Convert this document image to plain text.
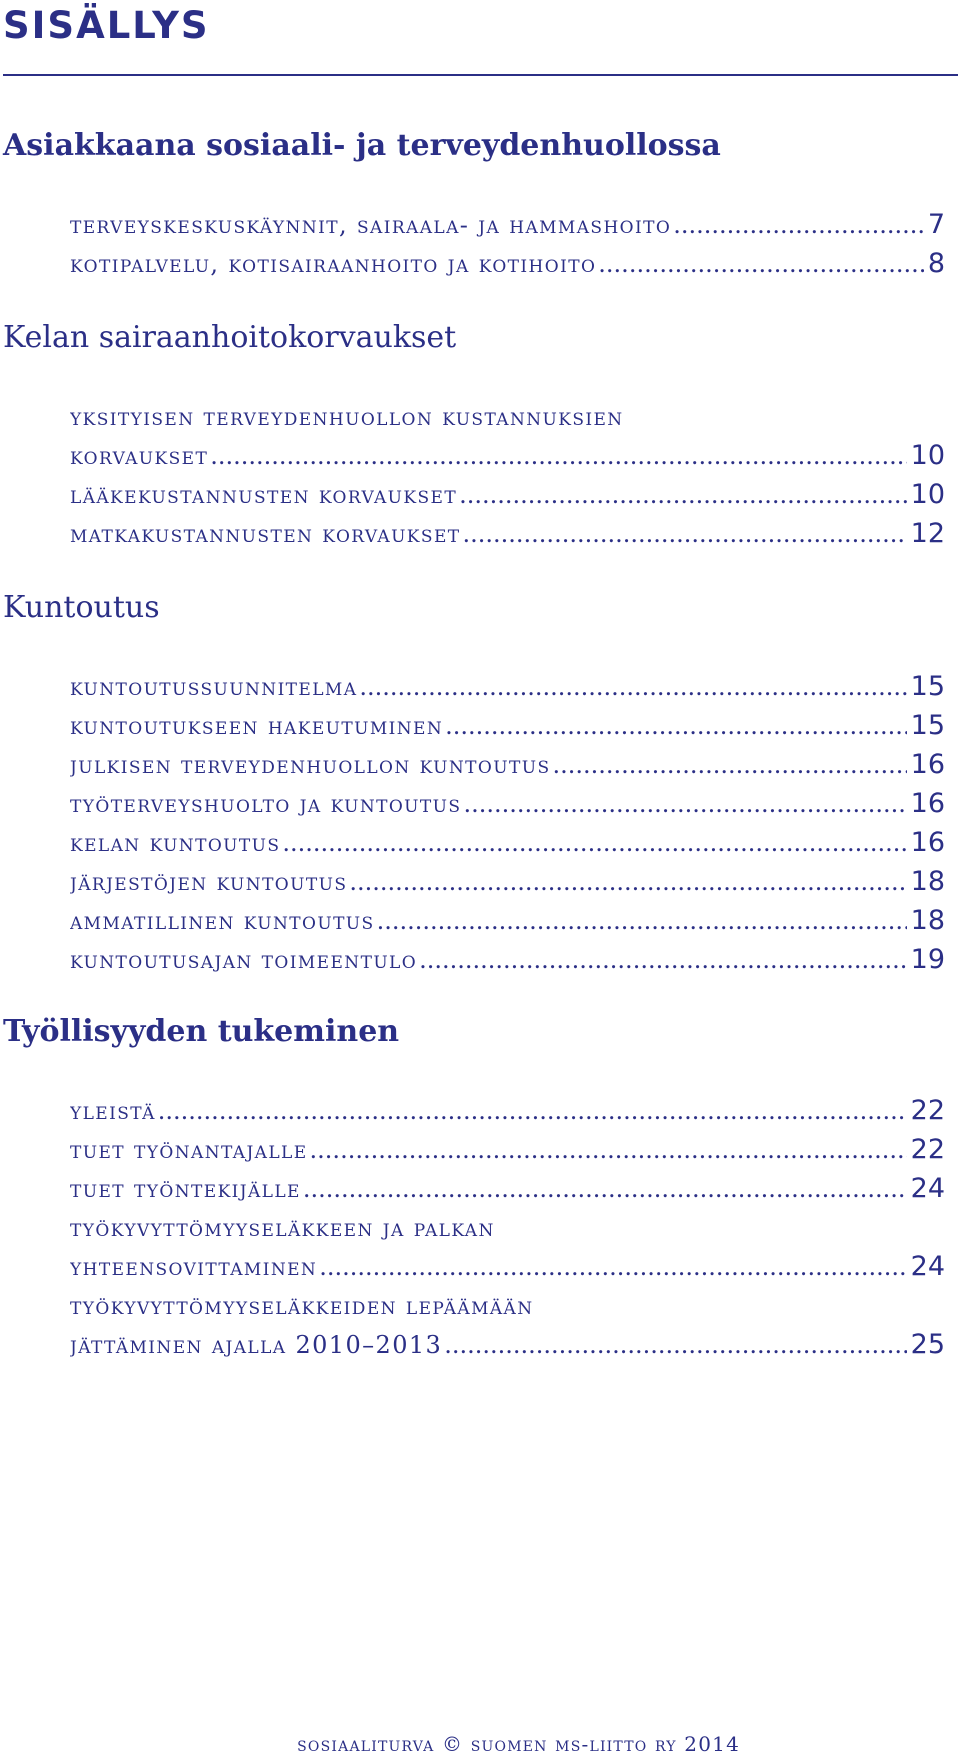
SISÄLLYS
Asiakkaana sosiaali- ja terveydenhuollossa
terveyskeskuskäynnit, sairaala- ja hammashoito .....	7
kotipalvelu, kotisairaanhoito ja kotihoito .....	8
Kelan sairaanhoitokorvaukset
yksityisen terveydenhuollon kustannuksien
korvaukset .....	10
lääkekustannusten korvaukset .....	10
matkakustannusten korvaukset .....	12
Kuntoutus
kuntoutussuunnitelma .....	15
kuntoutukseen hakeutuminen .....	15
julkisen terveydenhuollon kuntoutus .....	16
työterveyshuolto ja kuntoutus .....	16
kelan kuntoutus .....	16
järjestöjen kuntoutus .....	18
ammatillinen kuntoutus .....	18
kuntoutusajan toimeentulo .....	19
Työllisyyden tukeminen
yleistä .....	22
tuet työnantajalle .....	22
tuet työntekijälle .....	24
työkyvyttömyyseläkkeen ja palkan
yhteensovittaminen .....	24
työkyvyttömyyseläkkeiden lepäämään
jättäminen ajalla 2010–2013 .....	25
sosiaaliturva © suomen ms-liitto ry 2014
